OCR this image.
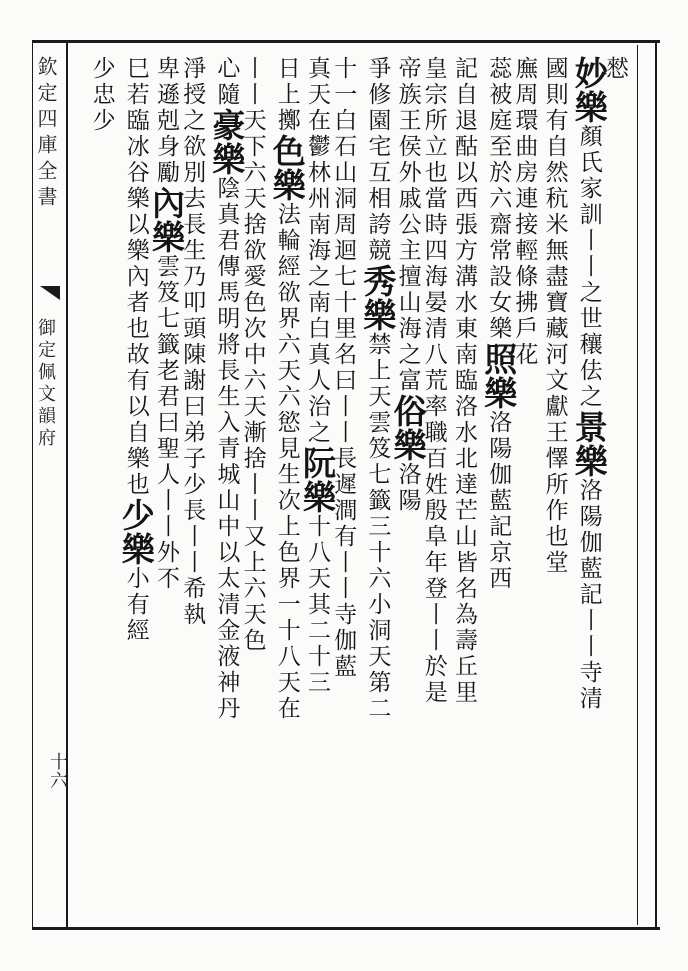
欽定四庫全書
御定佩文韻府
十六
憖
妙樂顏氏家訓丨丨之世穰佉之景樂洛陽伽藍記丨丨寺清
國則有自然秔米無盡寶藏河文獻王懌所作也堂
廡周環曲房連接輕條拂戶花
蕊被庭至於六齋常設女樂照樂洛陽伽藍記京西
記自退酤以西張方溝水東南臨洛水北達芒山皆名為壽丘里
皇宗所立也當時四海晏清八荒率職百姓殷阜年登丨丨於是
帝族王侯外戚公主擅山海之富俗樂洛陽
爭修園宅互相誇競秀樂禁上天雲笈七籤三十六小洞天第二
十一白石山洞周迴七十里名曰丨丨長遲澗有丨丨寺伽藍
真天在鬱林州南海之南白真人治之阮樂十八天其二十三
日上擲色樂法輪經欲界六天六慾見生次上色界一十八天在
丨丨天下六天捨欲愛色次中六天漸捨丨丨又上六天色
心隨豪樂陰真君傳馬明將長生入青城山中以太清金液神丹
淨授之欲別去長生乃叩頭陳謝曰弟子少長丨丨希執
卑遜剋身勵內樂雲笈七籤老君曰聖人丨丨外不
巳若臨冰谷樂以樂內者也故有以自樂也少樂小有經
少忠少
